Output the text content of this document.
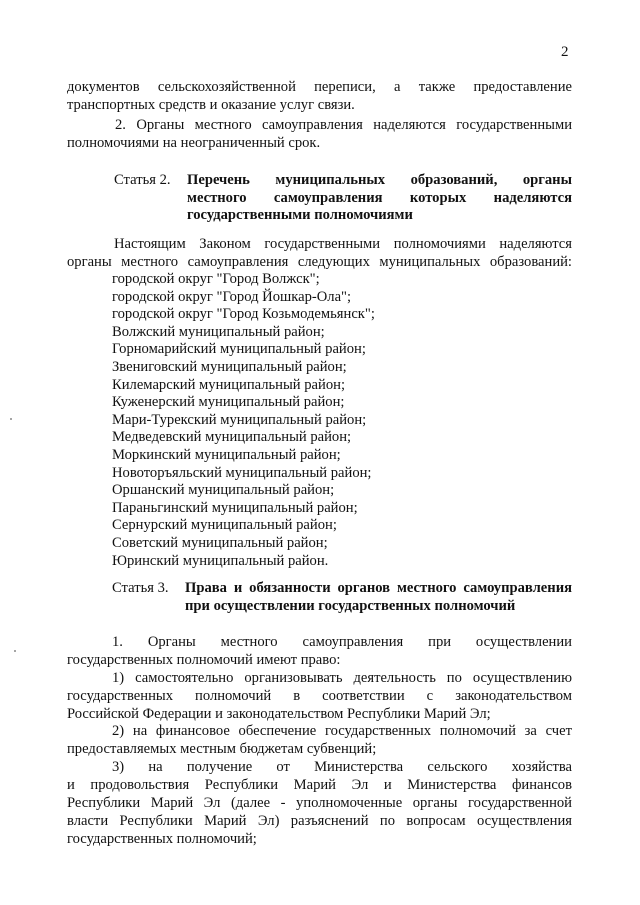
2
документов сельскохозяйственной переписи, а также предоставление
транспортных средств и оказание услуг связи.
2. Органы местного самоуправления наделяются государственными
полномочиями на неограниченный срок.
Статья 2. Перечень муниципальных образований, органы
местного самоуправления которых наделяются
государственными полномочиями
Настоящим Законом государственными полномочиями наделяются
органы местного самоуправления следующих муниципальных образований:
городской округ "Город Волжск";
городской округ "Город Йошкар-Ола";
городской округ "Город Козьмодемьянск";
Волжский муниципальный район;
Горномарийский муниципальный район;
Звениговский муниципальный район;
Килемарский муниципальный район;
Куженерский муниципальный район;
Мари-Турекский муниципальный район;
Медведевский муниципальный район;
Моркинский муниципальный район;
Новоторъяльский муниципальный район;
Оршанский муниципальный район;
Параньгинский муниципальный район;
Сернурский муниципальный район;
Советский муниципальный район;
Юринский муниципальный район.
Статья 3. Права и обязанности органов местного самоуправления
при осуществлении государственных полномочий
1. Органы местного самоуправления при осуществлении
государственных полномочий имеют право:
1) самостоятельно организовывать деятельность по осуществлению
государственных полномочий в соответствии с законодательством
Российской Федерации и законодательством Республики Марий Эл;
2) на финансовое обеспечение государственных полномочий за счет
предоставляемых местным бюджетам субвенций;
3) на получение от Министерства сельского хозяйства
и продовольствия Республики Марий Эл и Министерства финансов
Республики Марий Эл (далее - уполномоченные органы государственной
власти Республики Марий Эл) разъяснений по вопросам осуществления
государственных полномочий;
